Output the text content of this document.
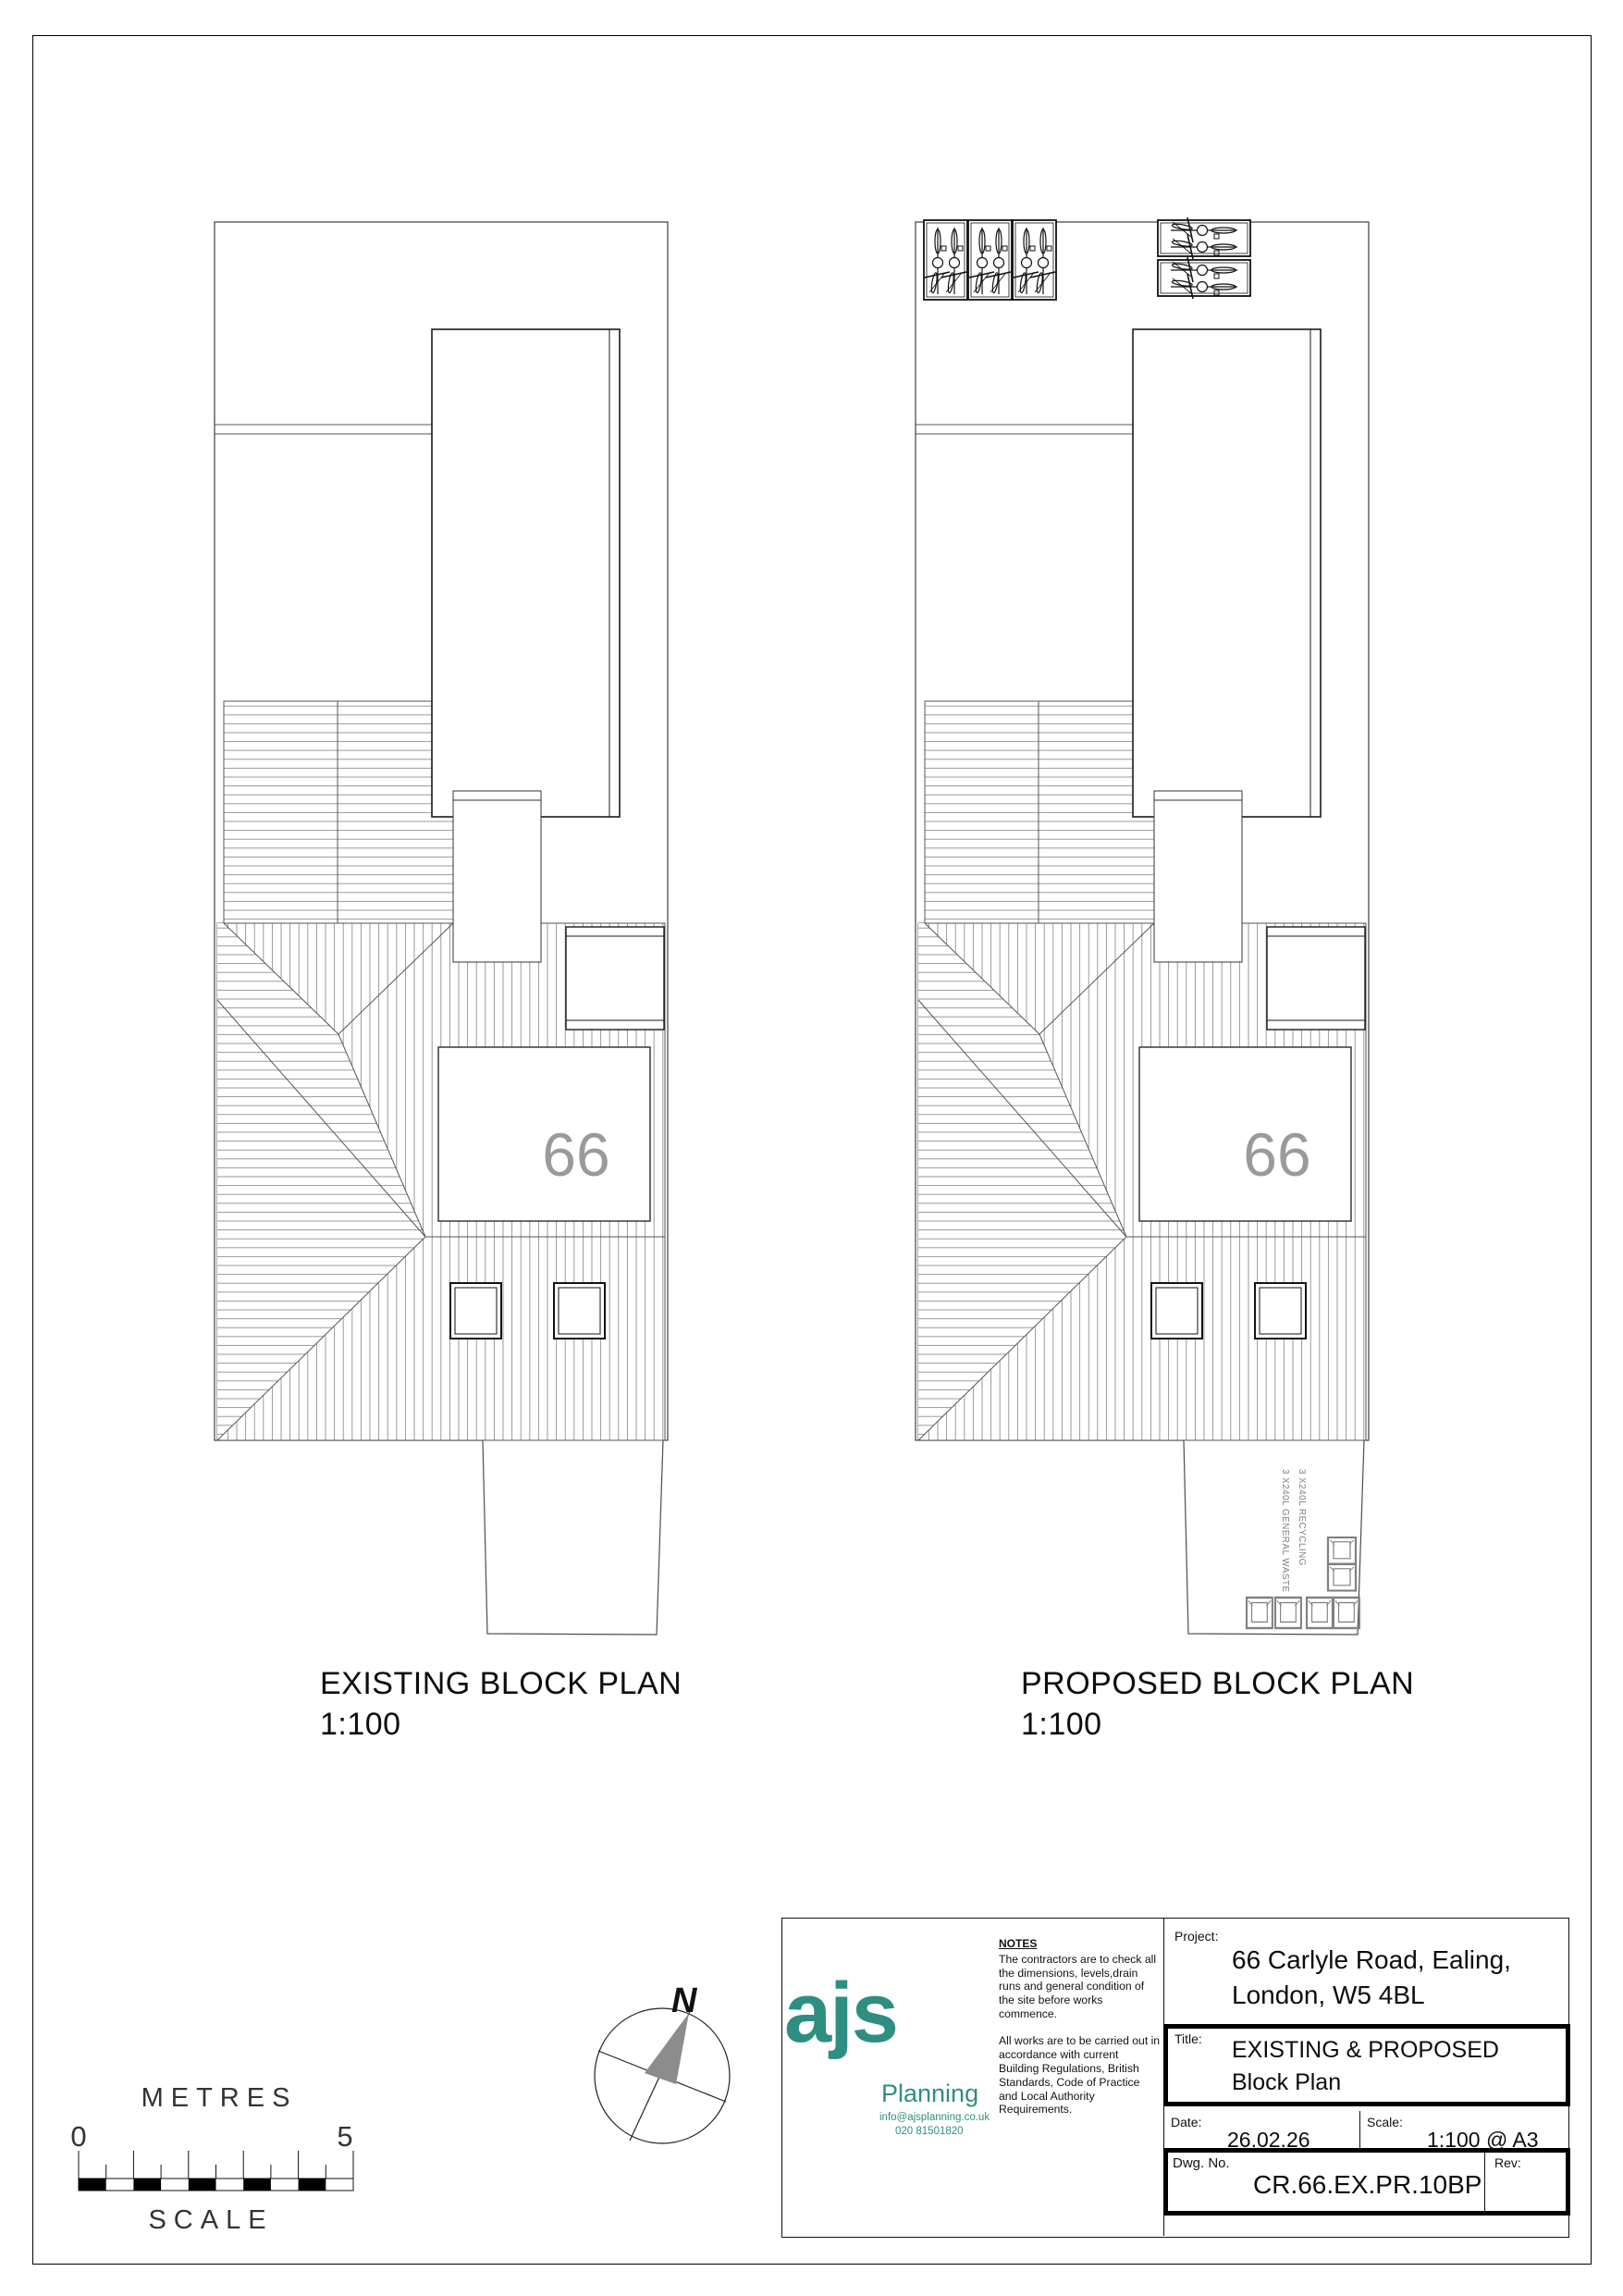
66	66
3 X240L GENERAL WASTE 3 X240L RECYCLING
EXISTING BLOCK PLAN
1:100
PROPOSED BLOCK PLAN
1:100
N
METRES
0	5
SCALE
ajs
Planning
info@ajsplanning.co.uk
020 81501820
NOTES

The contractors are to check all the dimensions, levels,drain runs and general condition of the site before works commence.

All works are to be carried out in accordance with current Building Regulations, British Standards, Code of Practice and Local Authority Requirements.

Project:
66 Carlyle Road, Ealing,
London, W5 4BL
Title: EXISTING & PROPOSED
Block Plan
Date:
26.02.26
Scale:
1:100 @ A3
Dwg. No.
CR.66.EX.PR.10BP
Rev:
